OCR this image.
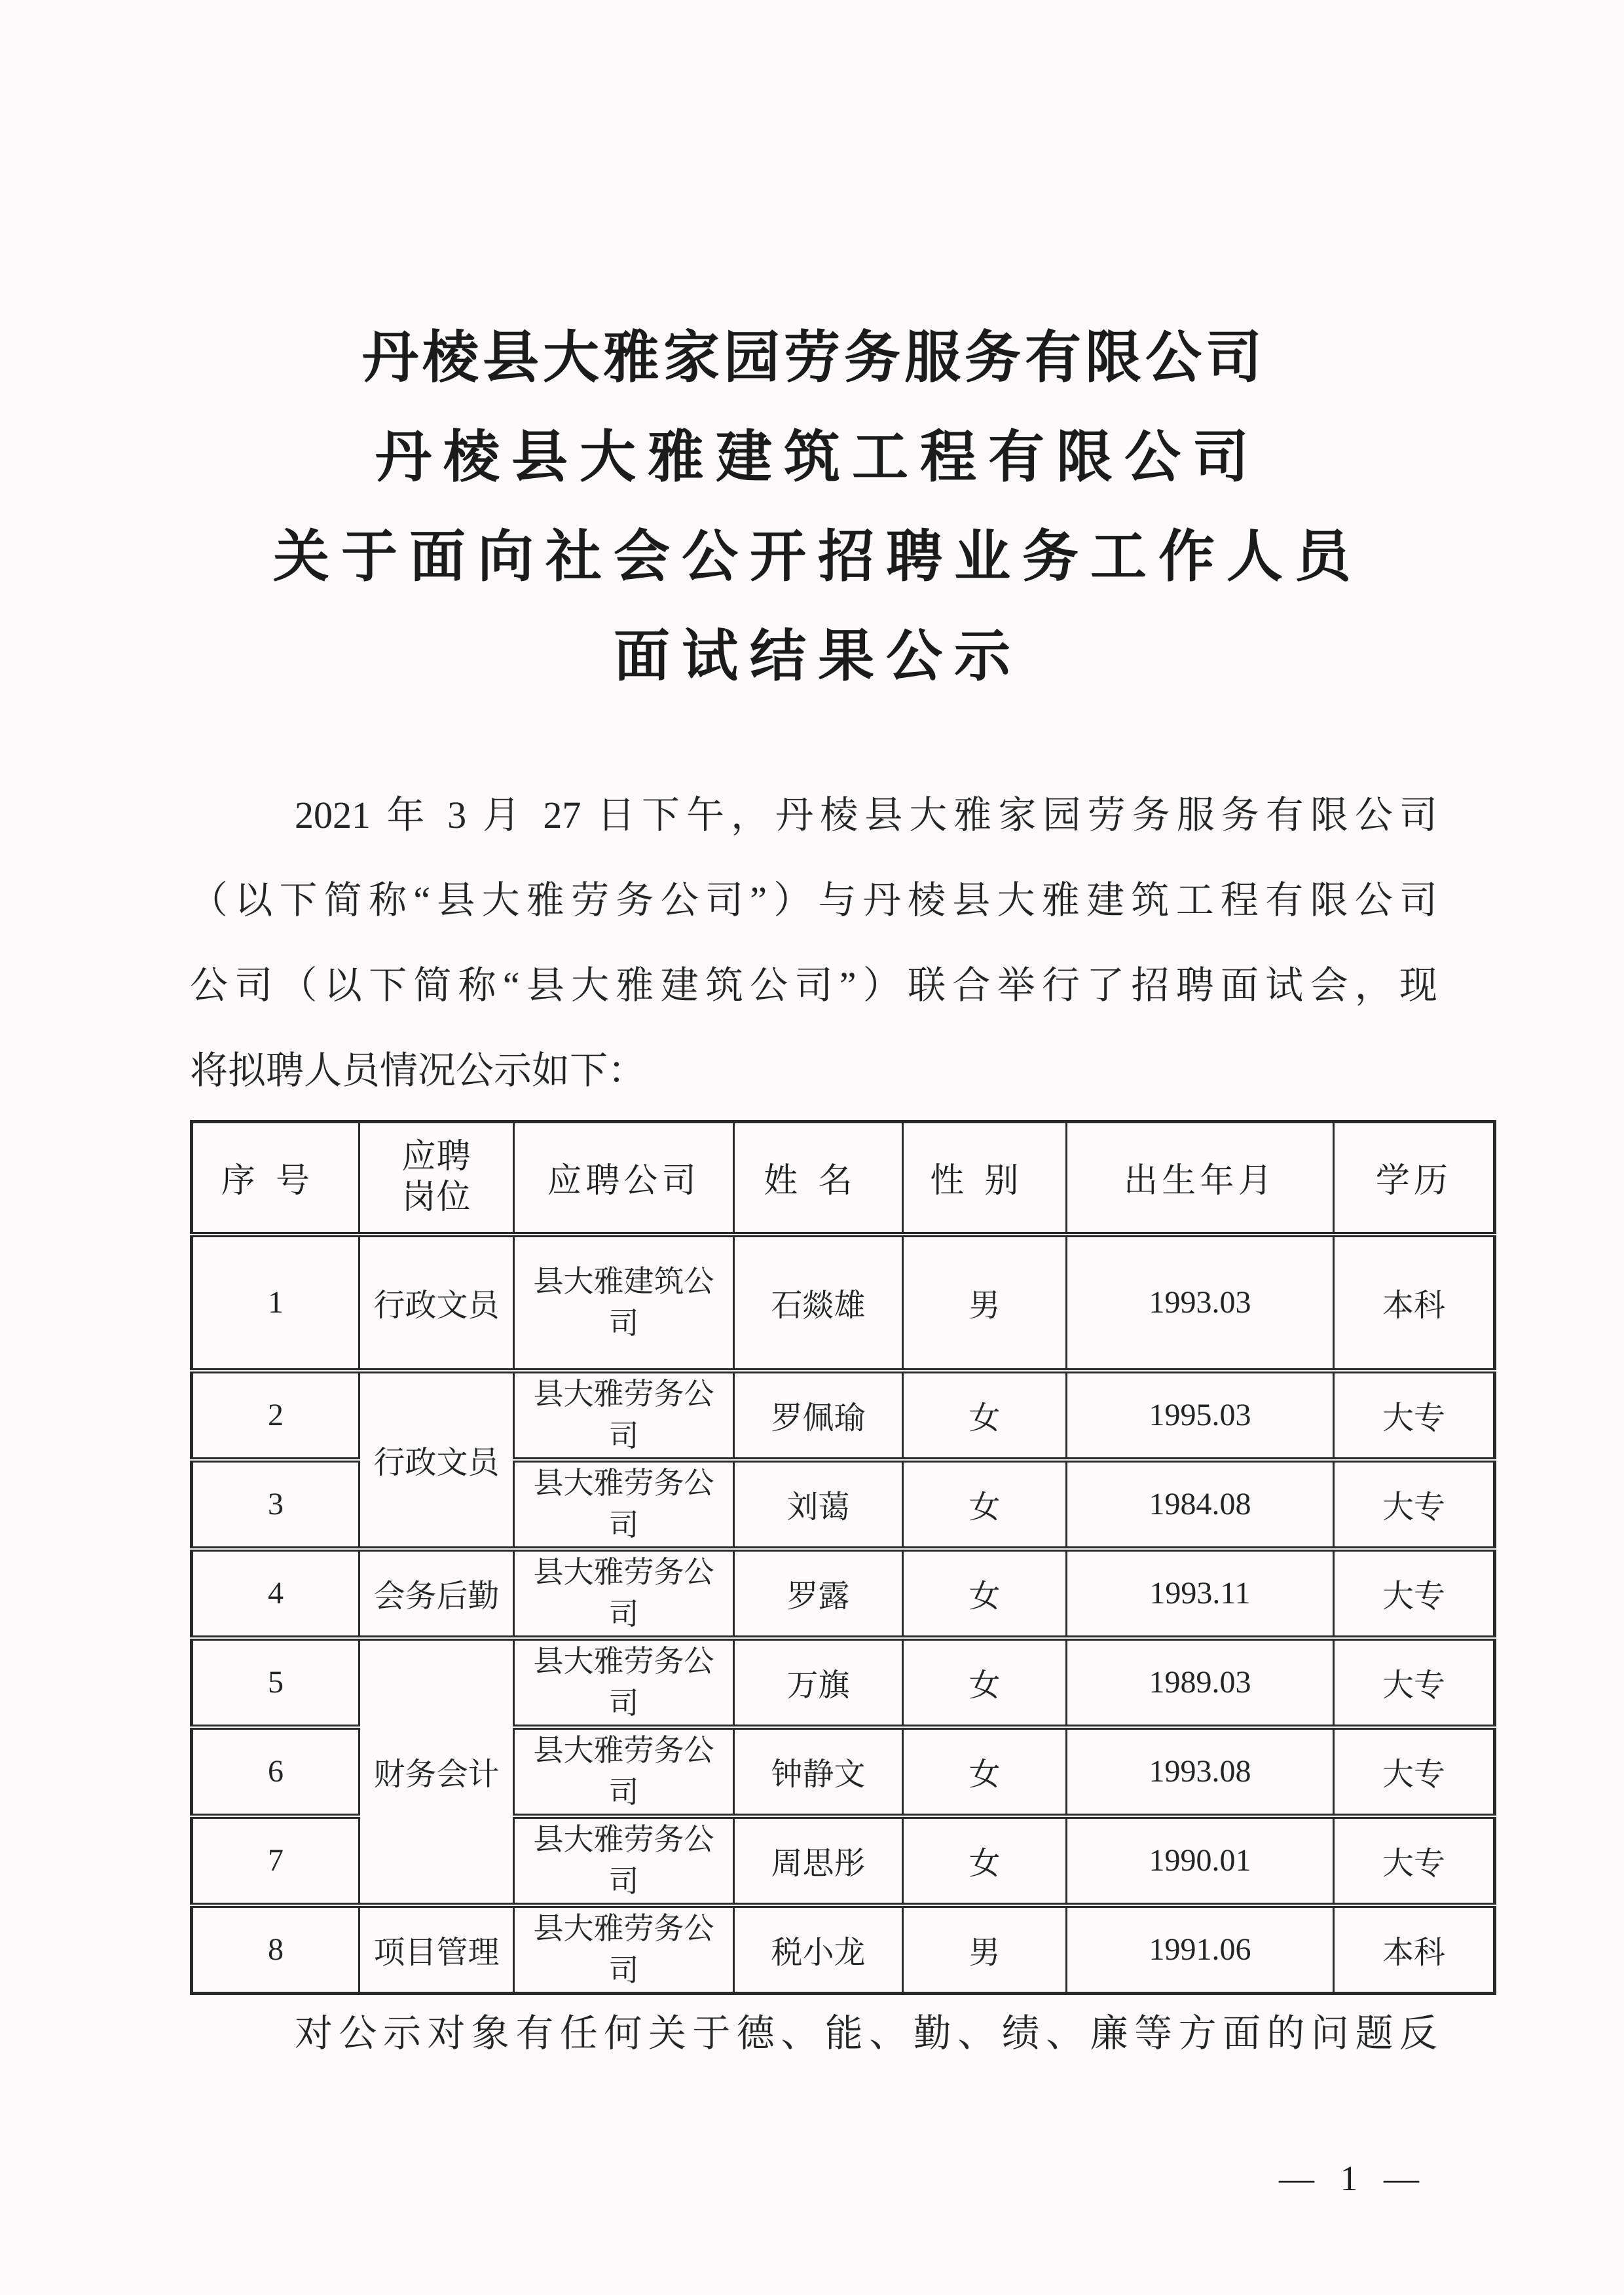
丹棱县大雅家园劳务服务有限公司
丹棱县大雅建筑工程有限公司
关于面向社会公开招聘业务工作人员
面试结果公示

2021 年 3 月 27 日下午，丹棱县大雅家园劳务服务有限公司

（以下简称“县大雅劳务公司”）与丹棱县大雅建筑工程有限公司

公司（以下简称“县大雅建筑公司”）联合举行了招聘面试会，现

将拟聘人员情况公示如下：

序号	应聘岗位	应聘公司	姓名	性别	出生年月	学历
1	行政文员	县大雅建筑公司	石燚雄	男	1993.03	本科
2	行政文员	县大雅劳务公司	罗佩瑜	女	1995.03	大专
3		县大雅劳务公司	刘蔼	女	1984.08	大专
4	会务后勤	县大雅劳务公司	罗露	女	1993.11	大专
5	财务会计	县大雅劳务公司	万旗	女	1989.03	大专
6		县大雅劳务公司	钟静文	女	1993.08	大专
7		县大雅劳务公司	周思彤	女	1990.01	大专
8	项目管理	县大雅劳务公司	税小龙	男	1991.06	本科

对公示对象有任何关于德、能、勤、绩、廉等方面的问题反

— 1 —
